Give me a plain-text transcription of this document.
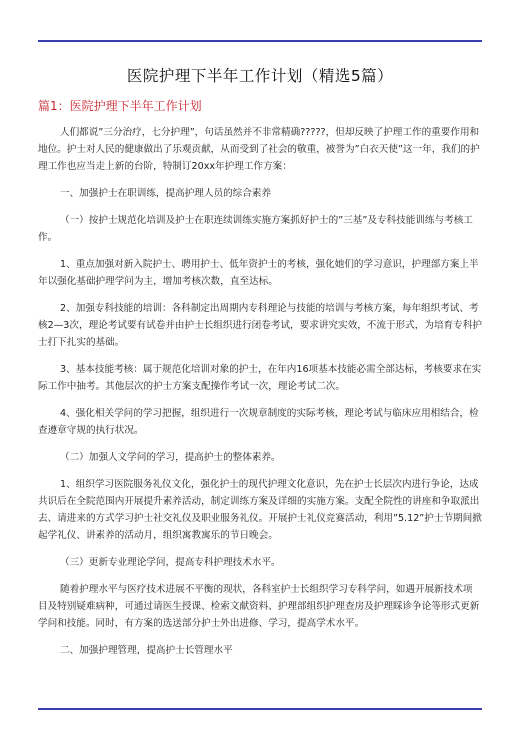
医院护理下半年工作计划（精选5篇）
篇1：医院护理下半年工作计划

人们都说”三分治疗，七分护理”，句话虽然并不非常精确?????，但却反映了护理工作的重要作用和地位。护士对人民的健康做出了乐观贡献，从而受到了社会的敬重，被誉为”白衣天使”这一年，我们的护理工作也应当走上新的台阶，特制订20xx年护理工作方案：

一、加强护士在职训练，提高护理人员的综合素养

（一）按护士规范化培训及护士在职连续训练实施方案抓好护士的”三基”及专科技能训练与考核工作。

1、重点加强对新入院护士、聘用护士、低年资护士的考核，强化她们的学习意识，护理部方案上半年以强化基础护理学问为主，增加考核次数，直至达标。

2、加强专科技能的培训：各科制定出周期内专科理论与技能的培训与考核方案，每年组织考试、考核2—3次，理论考试要有试卷并由护士长组织进行闭卷考试，要求讲究实效，不流于形式，为培育专科护士打下扎实的基础。

3、基本技能考核：属于规范化培训对象的护士，在年内16项基本技能必需全部达标，考核要求在实际工作中抽考。其他层次的护士方案支配操作考试一次，理论考试二次。

4、强化相关学问的学习把握，组织进行一次规章制度的实际考核，理论考试与临床应用相结合，检查遵章守规的执行状况。

（二）加强人文学问的学习，提高护士的整体素养。

1、组织学习医院服务礼仪文化，强化护士的现代护理文化意识，先在护士长层次内进行争论，达成共识后在全院范围内开展提升素养活动，制定训练方案及详细的实施方案。支配全院性的讲座和争取派出去、请进来的方式学习护士社交礼仪及职业服务礼仪。开展护士礼仪竞赛活动，利用”5.12”护士节期间掀起学礼仪、讲素养的活动月，组织寓教寓乐的节日晚会。

（三）更新专业理论学问，提高专科护理技术水平。

随着护理水平与医疗技术进展不平衡的现状，各科室护士长组织学习专科学问，如遇开展新技术项目及特别疑难病种，可通过请医生授课、检索文献资料、护理部组织护理查房及护理睬诊争论等形式更新学问和技能。同时，有方案的选送部分护士外出进修、学习，提高学术水平。

二、加强护理管理，提高护士长管理水平
